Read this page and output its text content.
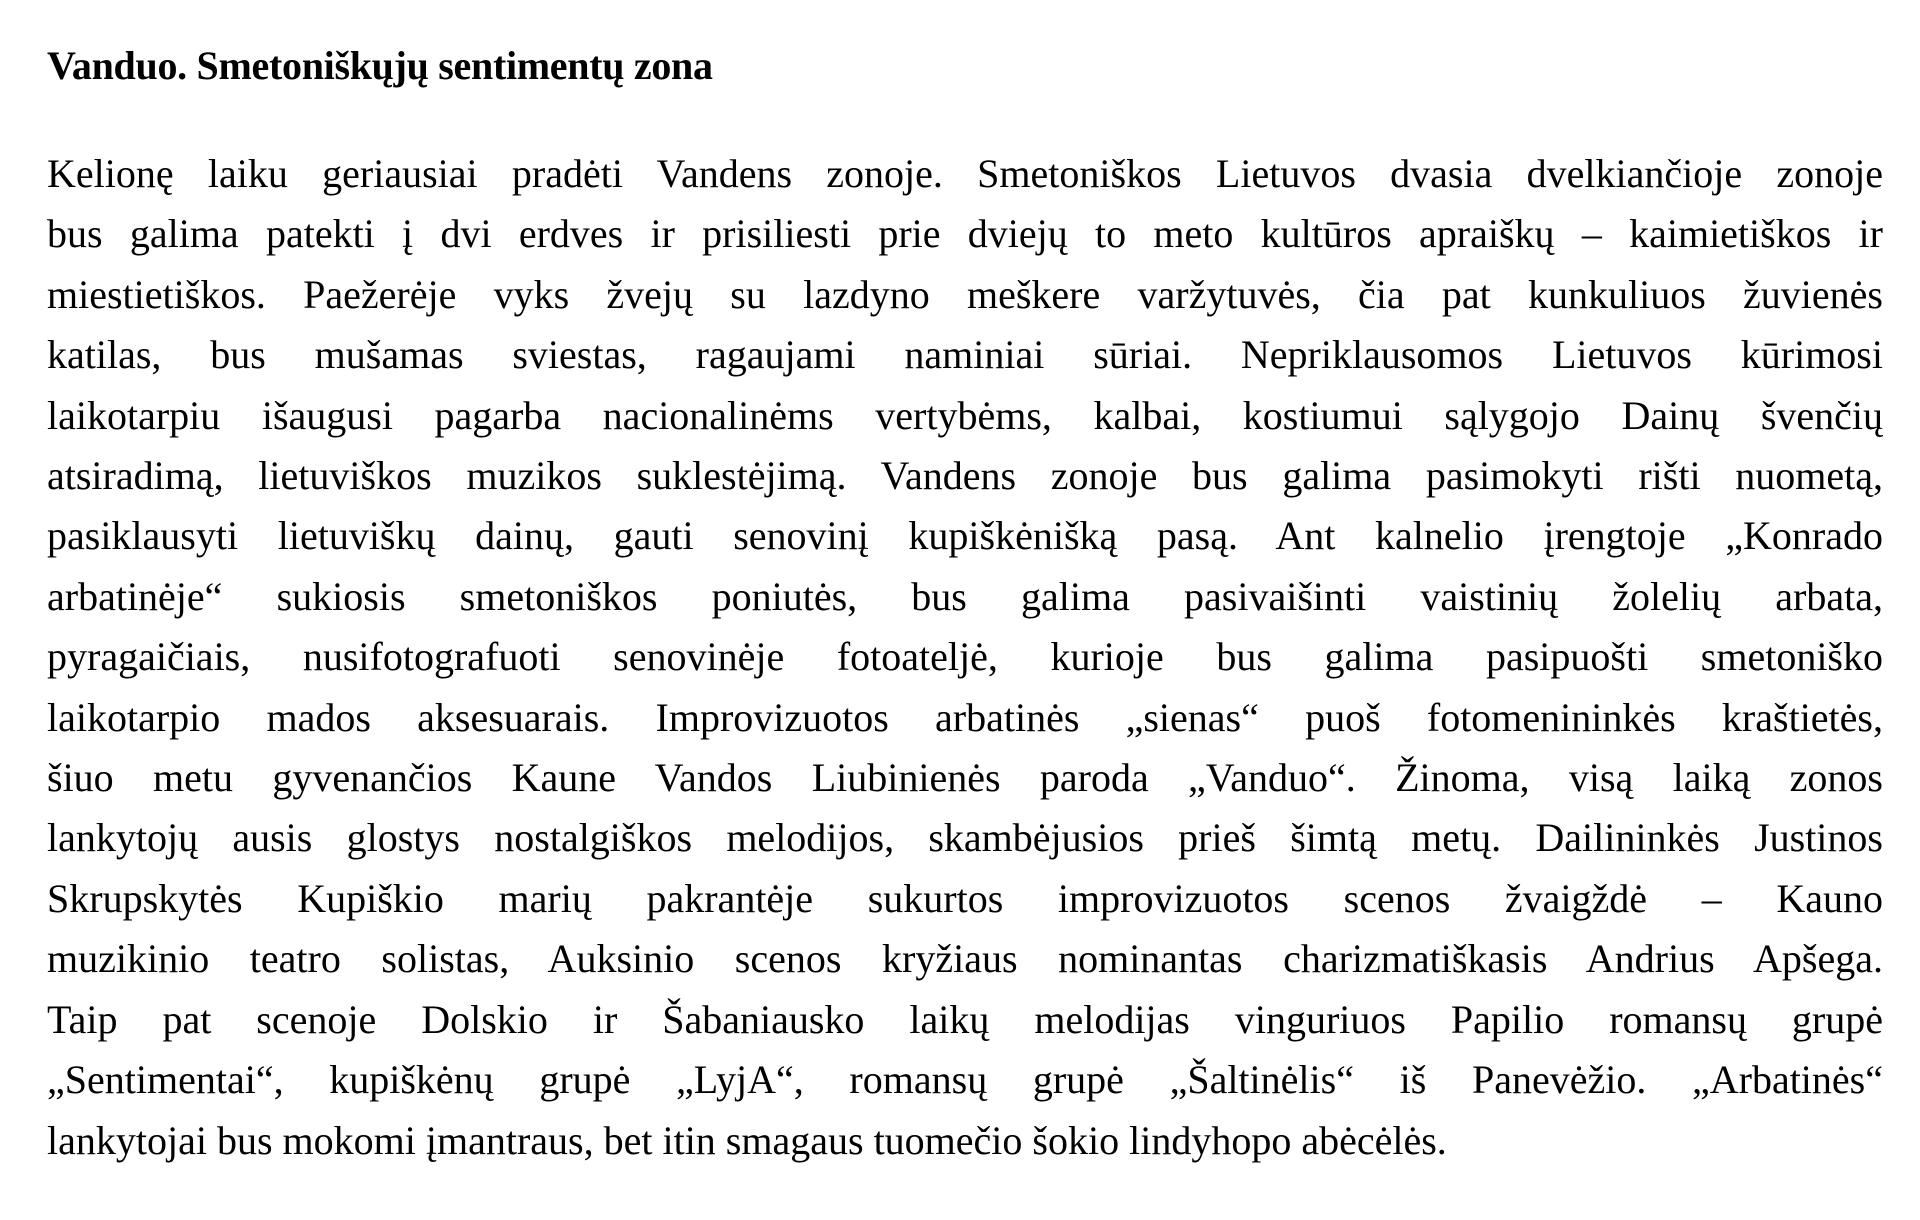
Vanduo. Smetoniškųjų sentimentų zona
Kelionę laiku geriausiai pradėti Vandens zonoje. Smetoniškos Lietuvos dvasia dvelkiančioje zonoje
bus galima patekti į dvi erdves ir prisiliesti prie dviejų to meto kultūros apraiškų – kaimietiškos ir
miestietiškos. Paežerėje vyks žvejų su lazdyno meškere varžytuvės, čia pat kunkuliuos žuvienės
katilas, bus mušamas sviestas, ragaujami naminiai sūriai. Nepriklausomos Lietuvos kūrimosi
laikotarpiu išaugusi pagarba nacionalinėms vertybėms, kalbai, kostiumui sąlygojo Dainų švenčių
atsiradimą, lietuviškos muzikos suklestėjimą. Vandens zonoje bus galima pasimokyti rišti nuometą,
pasiklausyti lietuviškų dainų, gauti senovinį kupiškėnišką pasą. Ant kalnelio įrengtoje „Konrado
arbatinėje“ sukiosis smetoniškos poniutės, bus galima pasivaišinti vaistinių žolelių arbata,
pyragaičiais, nusifotografuoti senovinėje fotoateljė, kurioje bus galima pasipuošti smetoniško
laikotarpio mados aksesuarais. Improvizuotos arbatinės „sienas“ puoš fotomenininkės kraštietės,
šiuo metu gyvenančios Kaune Vandos Liubinienės paroda „Vanduo“. Žinoma, visą laiką zonos
lankytojų ausis glostys nostalgiškos melodijos, skambėjusios prieš šimtą metų. Dailininkės Justinos
Skrupskytės Kupiškio marių pakrantėje sukurtos improvizuotos scenos žvaigždė – Kauno
muzikinio teatro solistas, Auksinio scenos kryžiaus nominantas charizmatiškasis Andrius Apšega.
Taip pat scenoje Dolskio ir Šabaniausko laikų melodijas vinguriuos Papilio romansų grupė
„Sentimentai“, kupiškėnų grupė „LyjA“, romansų grupė „Šaltinėlis“ iš Panevėžio. „Arbatinės“
lankytojai bus mokomi įmantraus, bet itin smagaus tuomečio šokio lindyhopo abėcėlės.
